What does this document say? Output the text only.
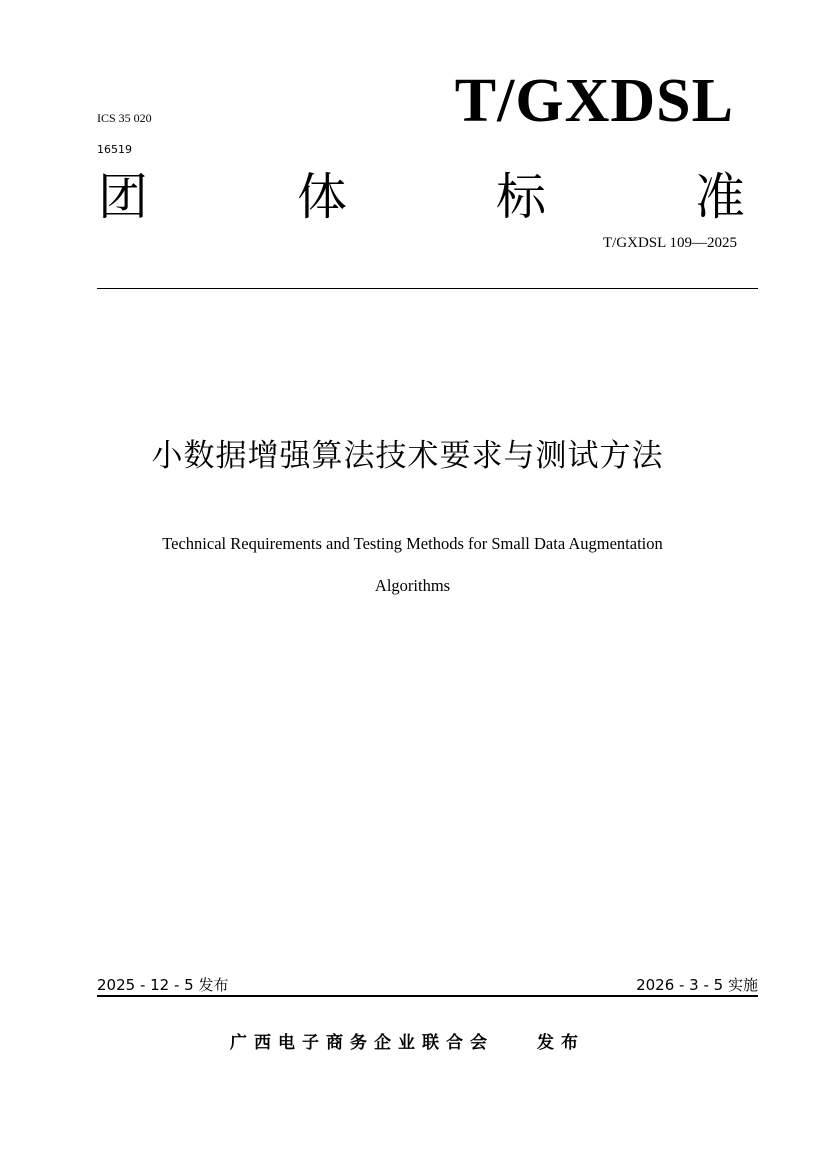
ICS 35 020
16519
T/GXDSL
团	体	标	准
T/GXDSL 109—2025
小数据增强算法技术要求与测试方法
Technical Requirements and Testing Methods for Small Data Augmentation
Algorithms
2025 - 12 - 5 发布	2026 - 3 - 5 实施
广西电子商务企业联合会	发布
